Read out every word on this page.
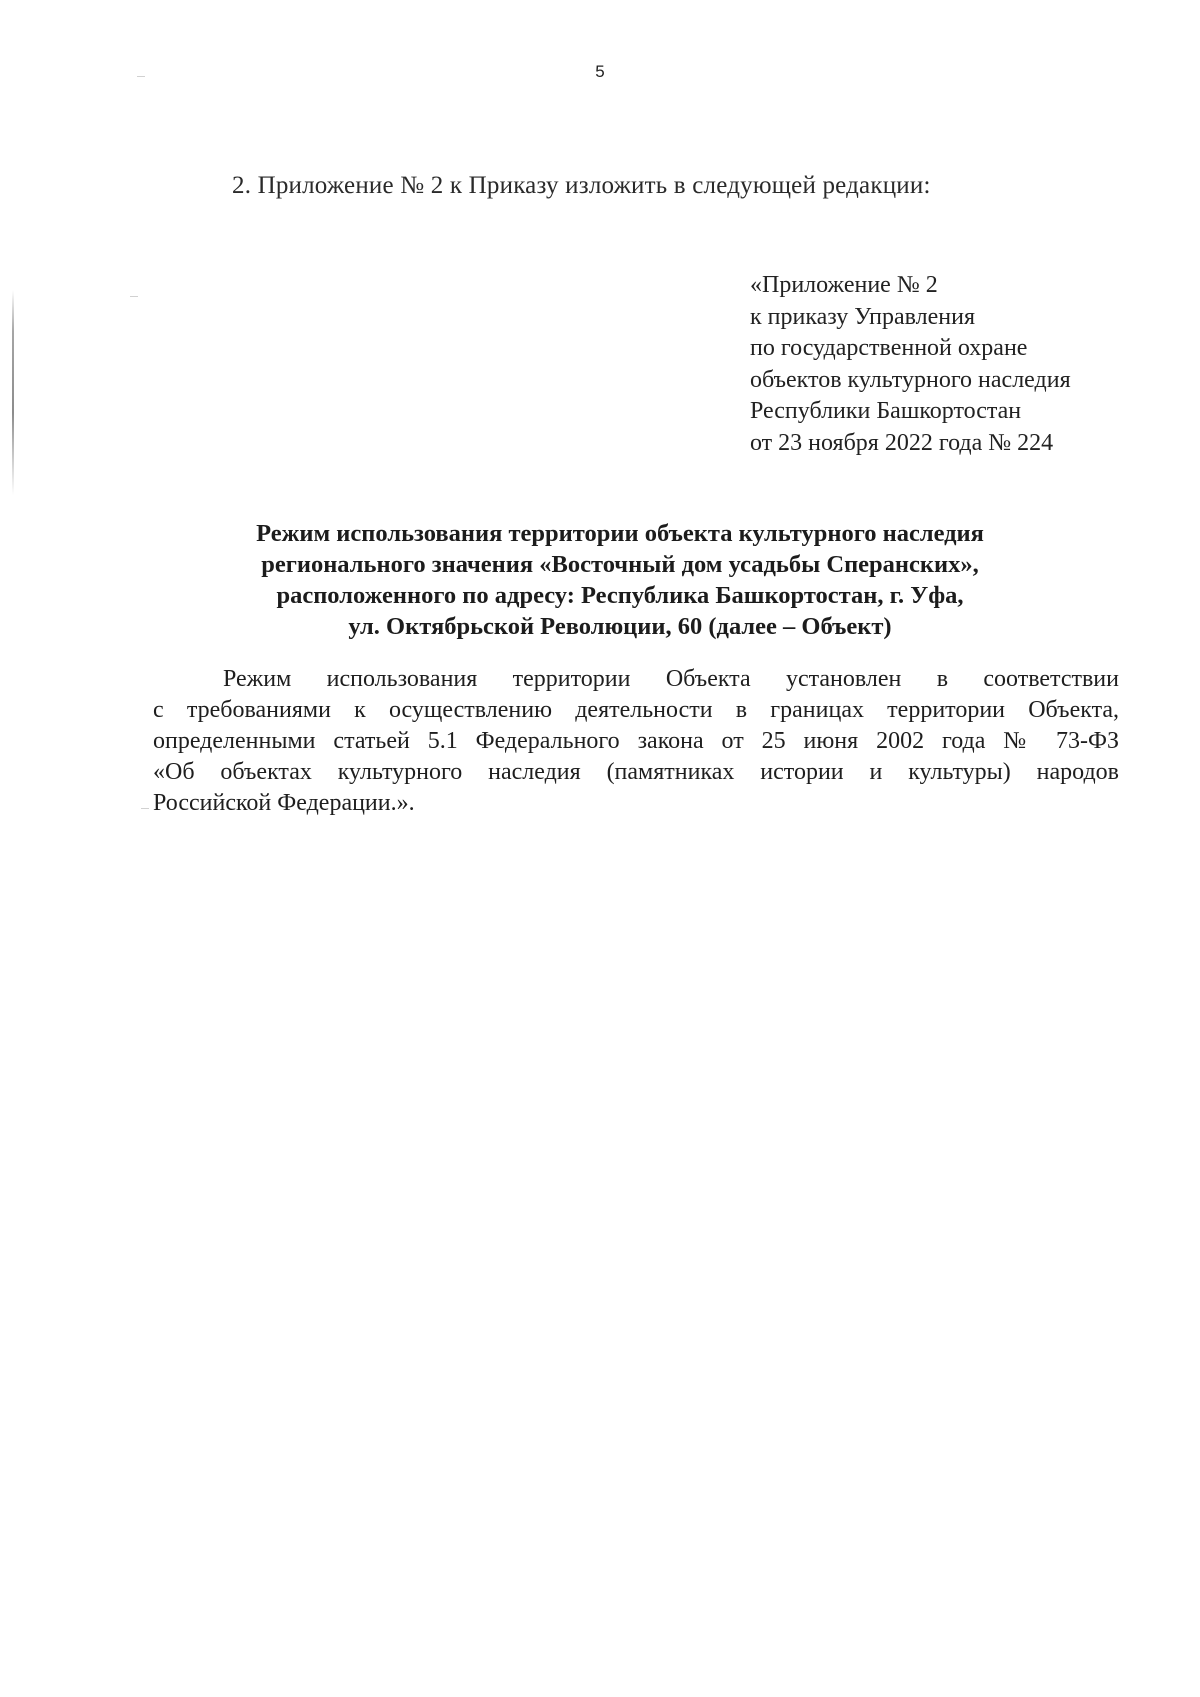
5
2. Приложение № 2 к Приказу изложить в следующей редакции:
«Приложение № 2
к приказу Управления
по государственной охране
объектов культурного наследия
Республики Башкортостан
от 23 ноября 2022 года № 224
Режим использования территории объекта культурного наследия
регионального значения «Восточный дом усадьбы Сперанских»,
расположенного по адресу: Республика Башкортостан, г. Уфа,
ул. Октябрьской Революции, 60 (далее – Объект)
Режим использования территории Объекта установлен в соответствии
с требованиями к осуществлению деятельности в границах территории Объекта,
определенными статьей 5.1 Федерального закона от 25 июня 2002 года № 73-ФЗ
«Об объектах культурного наследия (памятниках истории и культуры) народов
Российской Федерации.».
